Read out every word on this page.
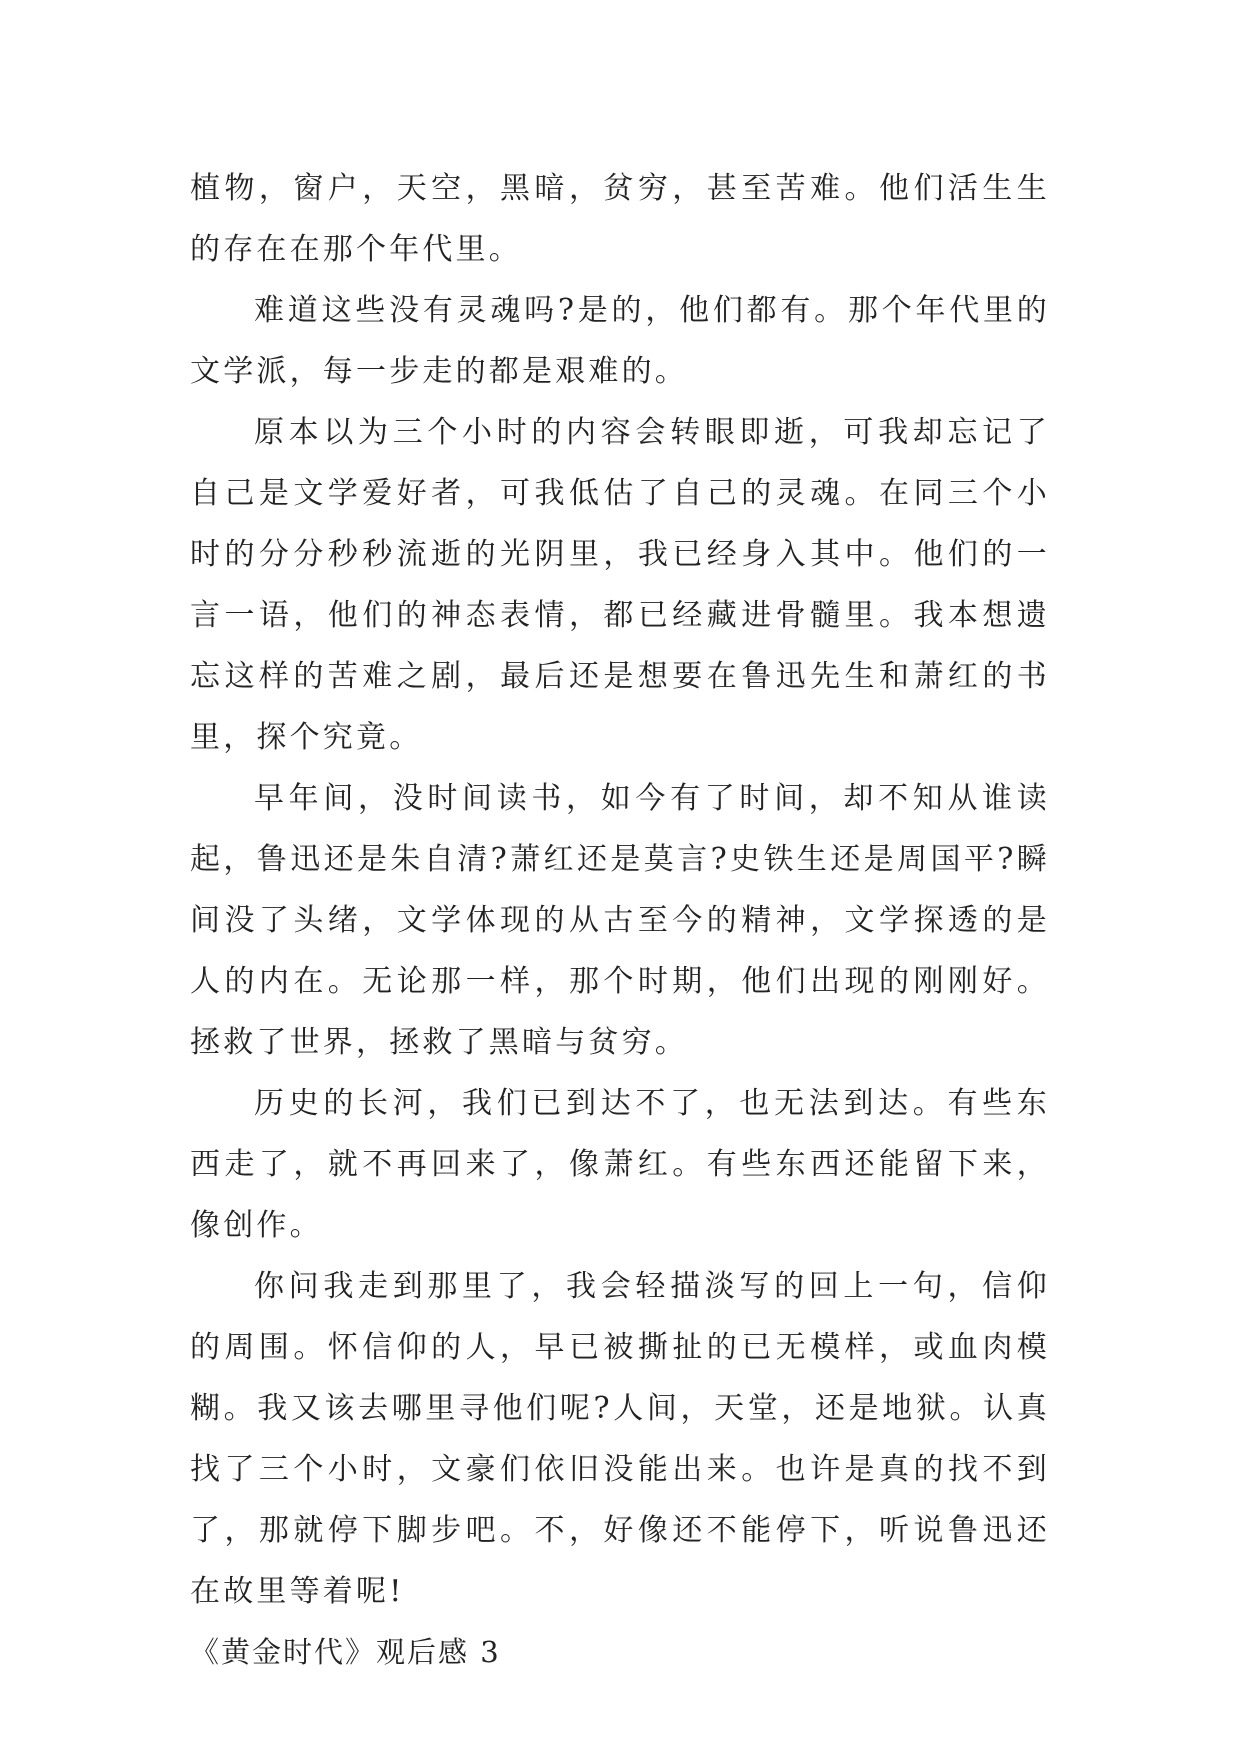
植物，窗户，天空，黑暗，贫穷，甚至苦难。他们活生生的存在在那个年代里。

难道这些没有灵魂吗?是的，他们都有。那个年代里的文学派，每一步走的都是艰难的。

原本以为三个小时的内容会转眼即逝，可我却忘记了自己是文学爱好者，可我低估了自己的灵魂。在同三个小时的分分秒秒流逝的光阴里，我已经身入其中。他们的一言一语，他们的神态表情，都已经藏进骨髓里。我本想遗忘这样的苦难之剧，最后还是想要在鲁迅先生和萧红的书里，探个究竟。

早年间，没时间读书，如今有了时间，却不知从谁读起，鲁迅还是朱自清?萧红还是莫言?史铁生还是周国平?瞬间没了头绪，文学体现的从古至今的精神，文学探透的是人的内在。无论那一样，那个时期，他们出现的刚刚好。拯救了世界，拯救了黑暗与贫穷。

历史的长河，我们已到达不了，也无法到达。有些东西走了，就不再回来了，像萧红。有些东西还能留下来，像创作。

你问我走到那里了，我会轻描淡写的回上一句，信仰的周围。怀信仰的人，早已被撕扯的已无模样，或血肉模糊。我又该去哪里寻他们呢?人间，天堂，还是地狱。认真找了三个小时，文豪们依旧没能出来。也许是真的找不到了，那就停下脚步吧。不，好像还不能停下，听说鲁迅还在故里等着呢!

《黄金时代》观后感 3
